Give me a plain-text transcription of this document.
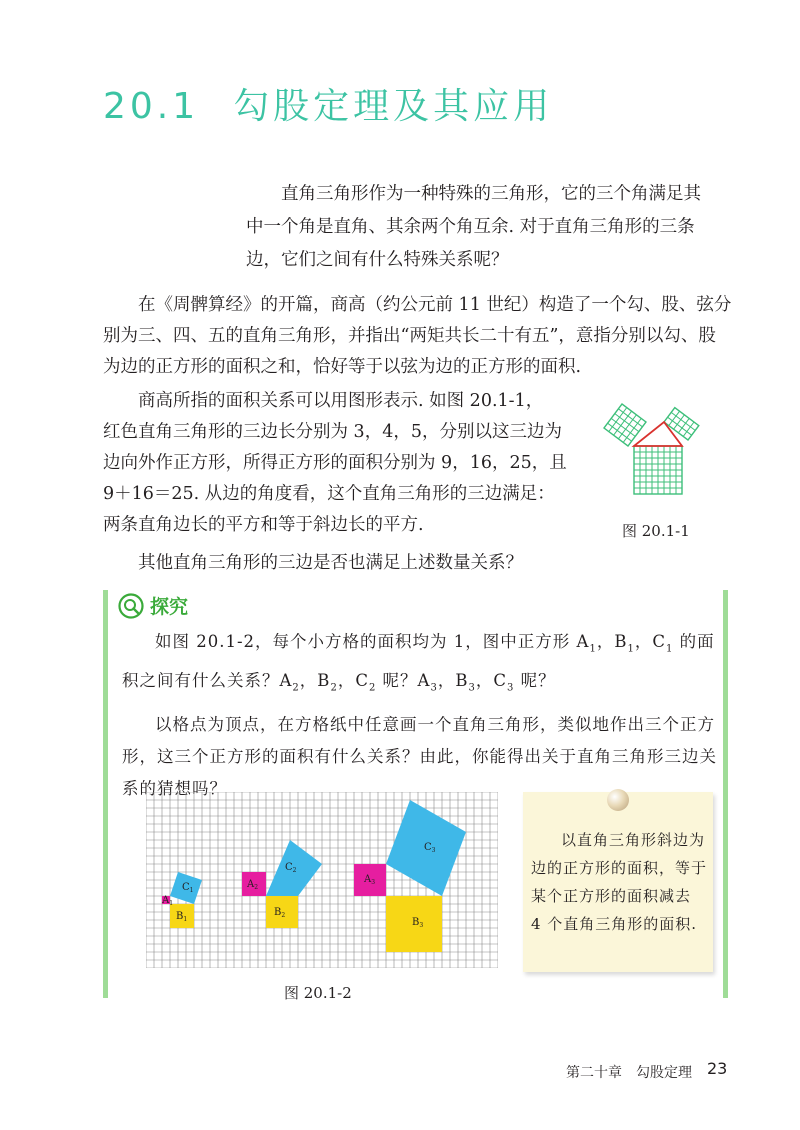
20.1 勾股定理及其应用

直角三角形作为一种特殊的三角形，它的三个角满足其

中一个角是直角、其余两个角互余. 对于直角三角形的三条

边，它们之间有什么特殊关系呢？

在《周髀算经》的开篇，商高（约公元前 11 世纪）构造了一个勾、股、弦分别为三、四、五的直角三角形，并指出“两矩共长二十有五”，意指分别以勾、股为边的正方形的面积之和，恰好等于以弦为边的正方形的面积.

商高所指的面积关系可以用图形表示. 如图 20.1-1，

红色直角三角形的三边长分别为 3，4，5，分别以这三边为

边向外作正方形，所得正方形的面积分别为 9，16，25，且

9＋16＝25. 从边的角度看，这个直角三角形的三边满足：

两条直角边长的平方和等于斜边长的平方.	图 20.1-1
其他直角三角形的三边是否也满足上述数量关系？
探究

如图 20.1-2，每个小方格的面积均为 1，图中正方形 $A_1$，$B_1$，$C_1$ 的面积之间有什么关系？$A_2$，$B_2$，$C_2$ 呢？$A_3$，$B_3$，$C_3$ 呢？

以格点为顶点，在方格纸中任意画一个直角三角形，类似地作出三个正方形，这三个正方形的面积有什么关系？由此，你能得出关于直角三角形三边关系的猜想吗？

$A_1$
$B_1$
$C_1$
$A_2$
$B_2$
$C_2$
$A_3$
$B_3$
$C_3$
图 20.1-2

以直角三角形斜边为边的正方形的面积，等于某个正方形的面积减去 4 个直角三角形的面积.

第二十章　勾股定理 23
